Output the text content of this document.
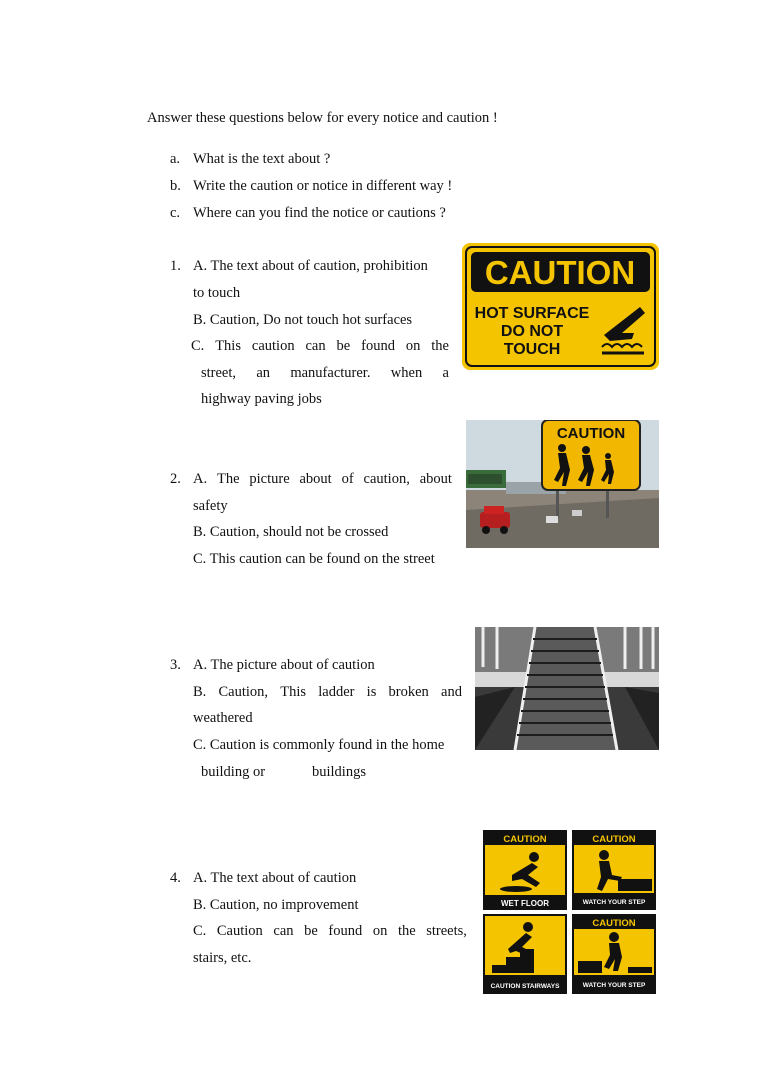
Answer these questions below for every notice and caution !
a. What is the text about ?
b. Write the caution or notice in different way !
c. Where can you find the notice or cautions ?
1. A. The text about of caution, prohibition
to touch
B. Caution, Do not touch hot surfaces
C. This caution can be found on the
street, an manufacturer. when a
highway paving jobs
CAUTION
HOT SURFACE
DO NOT
TOUCH
2. A. The picture about of caution, about
safety
B. Caution, should not be crossed
C. This caution can be found on the street
CAUTION
3. A. The picture about of caution
B. Caution, This ladder is broken and
weathered
C. Caution is commonly found in the home
building or	buildings
4. A. The text about of caution
B. Caution, no improvement
C. Caution can be found on the streets,
stairs, etc.
CAUTION
WET FLOOR
CAUTION
WATCH YOUR STEP
CAUTION STAIRWAYS
CAUTION
WATCH YOUR STEP
